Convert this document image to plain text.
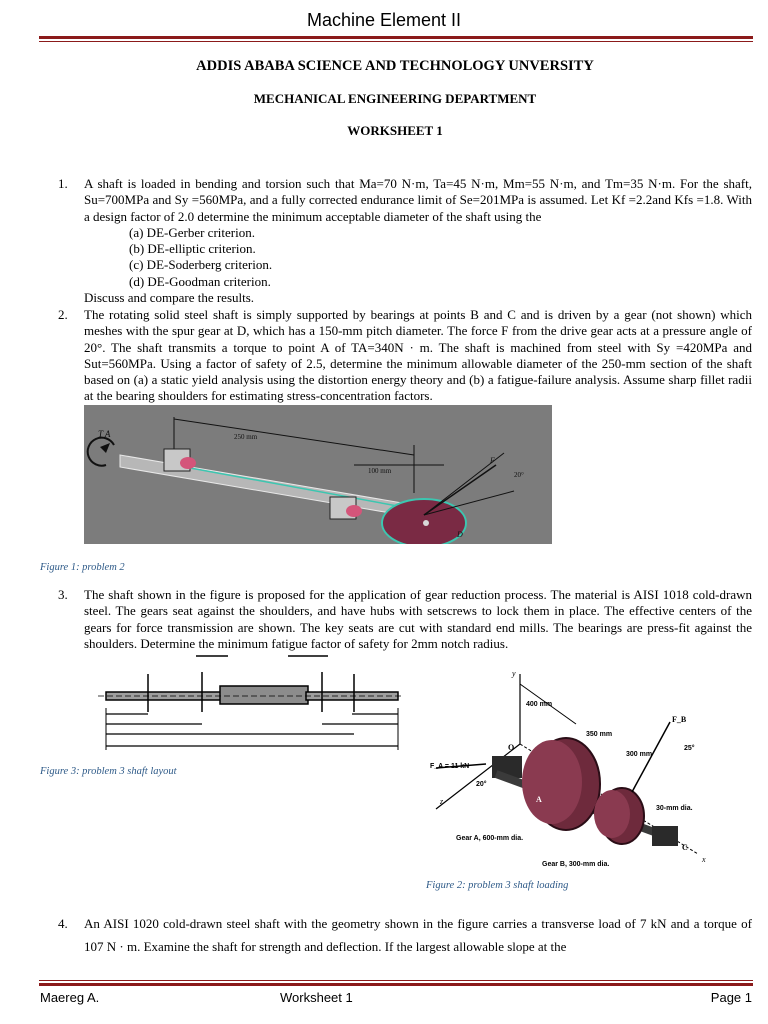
Machine Element II
ADDIS ABABA SCIENCE AND TECHNOLOGY UNVERSITY
MECHANICAL ENGINEERING DEPARTMENT
WORKSHEET 1
1.	A shaft is loaded in bending and torsion such that Ma=70 N·m, Ta=45 N·m, Mm=55 N·m, and Tm=35 N·m. For the shaft, Su=700MPa and Sy =560MPa, and a fully corrected endurance limit of Se=201MPa is assumed. Let Kf =2.2and Kfs =1.8. With a design factor of 2.0 determine the minimum acceptable diameter of the shaft using the
(a) DE-Gerber criterion.
(b) DE-elliptic criterion.
(c) DE-Soderberg criterion.
(d) DE-Goodman criterion.
Discuss and compare the results.
2.	The rotating solid steel shaft is simply supported by bearings at points B and C and is driven by a gear (not shown) which meshes with the spur gear at D, which has a 150-mm pitch diameter. The force F from the drive gear acts at a pressure angle of 20°. The shaft transmits a torque to point A of TA=340N · m. The shaft is machined from steel with Sy =420MPa and Sut=560MPa. Using a factor of safety of 2.5, determine the minimum allowable diameter of the 250-mm section of the shaft based on (a) a static yield analysis using the distortion energy theory and (b) a fatigue-failure analysis. Assume sharp fillet radii at the bearing shoulders for estimating stress-concentration factors.
250 mm
100 mm
T A
F
20°
D
Figure 1: problem 2
3.	The shaft shown in the figure is proposed for the application of gear reduction process. The material is AISI 1018 cold-drawn steel. The gears seat against the shoulders, and have hubs with setscrews to lock them in place. The effective centers of the gears for force transmission are shown. The key seats are cut with standard end mills. The bearings are press-fit against the shoulders. Determine the minimum fatigue factor of safety for 2mm notch radius.
Figure 3: problem 3 shaft layout
y
z
x
400 mm
350 mm
300 mm
O
F_A = 11 kN
20°
A
F_B
25°
C
30-mm dia.
Gear A, 600-mm dia.
Gear B, 300-mm dia.
Figure 2: problem 3 shaft loading
4.	An AISI 1020 cold-drawn steel shaft with the geometry shown in the figure carries a transverse load of 7 kN and a torque of 107 N · m. Examine the shaft for strength and deflection. If the largest allowable slope at the
Maereg A.	Worksheet 1	Page 1
